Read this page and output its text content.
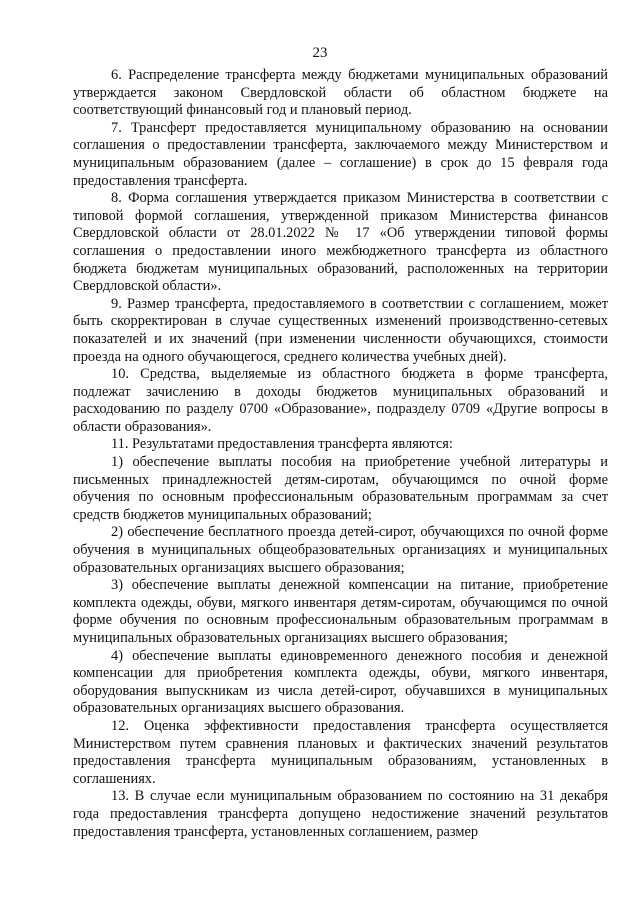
23

6. Распределение трансферта между бюджетами муниципальных образований утверждается законом Свердловской области об областном бюджете на соответствующий финансовый год и плановый период.

7. Трансферт предоставляется муниципальному образованию на основании соглашения о предоставлении трансферта, заключаемого между Министерством и муниципальным образованием (далее – соглашение) в срок до 15 февраля года предоставления трансферта.

8. Форма соглашения утверждается приказом Министерства в соответствии с типовой формой соглашения, утвержденной приказом Министерства финансов Свердловской области от 28.01.2022 № 17 «Об утверждении типовой формы соглашения о предоставлении иного межбюджетного трансферта из областного бюджета бюджетам муниципальных образований, расположенных на территории Свердловской области».

9. Размер трансферта, предоставляемого в соответствии с соглашением, может быть скорректирован в случае существенных изменений производственно-сетевых показателей и их значений (при изменении численности обучающихся, стоимости проезда на одного обучающегося, среднего количества учебных дней).

10. Средства, выделяемые из областного бюджета в форме трансферта, подлежат зачислению в доходы бюджетов муниципальных образований и расходованию по разделу 0700 «Образование», подразделу 0709 «Другие вопросы в области образования».

11. Результатами предоставления трансферта являются:

1) обеспечение выплаты пособия на приобретение учебной литературы и письменных принадлежностей детям-сиротам, обучающимся по очной форме обучения по основным профессиональным образовательным программам за счет средств бюджетов муниципальных образований;

2) обеспечение бесплатного проезда детей-сирот, обучающихся по очной форме обучения в муниципальных общеобразовательных организациях и муниципальных образовательных организациях высшего образования;

3) обеспечение выплаты денежной компенсации на питание, приобретение комплекта одежды, обуви, мягкого инвентаря детям-сиротам, обучающимся по очной форме обучения по основным профессиональным образовательным программам в муниципальных образовательных организациях высшего образования;

4) обеспечение выплаты единовременного денежного пособия и денежной компенсации для приобретения комплекта одежды, обуви, мягкого инвентаря, оборудования выпускникам из числа детей-сирот, обучавшихся в муниципальных образовательных организациях высшего образования.

12. Оценка эффективности предоставления трансферта осуществляется Министерством путем сравнения плановых и фактических значений результатов предоставления трансферта муниципальным образованиям, установленных в соглашениях.

13. В случае если муниципальным образованием по состоянию на 31 декабря года предоставления трансферта допущено недостижение значений результатов предоставления трансферта, установленных соглашением, размер
